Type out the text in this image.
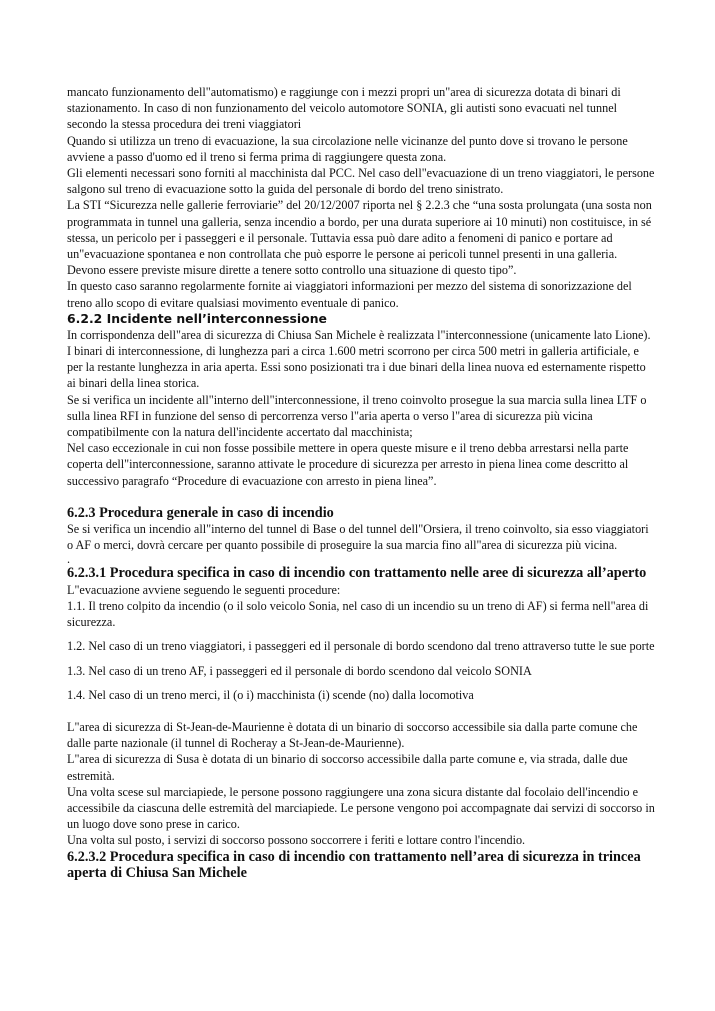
mancato funzionamento dell"automatismo) e raggiunge con i mezzi propri un"area di sicurezza dotata di binari di stazionamento. In caso di non funzionamento del veicolo automotore SONIA, gli autisti sono evacuati nel tunnel secondo la stessa procedura dei treni viaggiatori

Quando si utilizza un treno di evacuazione, la sua circolazione nelle vicinanze del punto dove si trovano le persone avviene a passo d'uomo ed il treno si ferma prima di raggiungere questa zona.

Gli elementi necessari sono forniti al macchinista dal PCC. Nel caso dell"evacuazione di un treno viaggiatori, le persone salgono sul treno di evacuazione sotto la guida del personale di bordo del treno sinistrato.

La STI “Sicurezza nelle gallerie ferroviarie” del 20/12/2007 riporta nel § 2.2.3 che “una sosta prolungata (una sosta non programmata in tunnel una galleria, senza incendio a bordo, per una durata superiore ai 10 minuti) non costituisce, in sé stessa, un pericolo per i passeggeri e il personale. Tuttavia essa può dare adito a fenomeni di panico e portare ad un"evacuazione spontanea e non controllata che può esporre le persone ai pericoli tunnel presenti in una galleria. Devono essere previste misure dirette a tenere sotto controllo una situazione di questo tipo”.

In questo caso saranno regolarmente fornite ai viaggiatori informazioni per mezzo del sistema di sonorizzazione del treno allo scopo di evitare qualsiasi movimento eventuale di panico.

6.2.2 Incidente nell’interconnessione

In corrispondenza dell"area di sicurezza di Chiusa San Michele è realizzata l"interconnessione (unicamente lato Lione). I binari di interconnessione, di lunghezza pari a circa 1.600 metri scorrono per circa 500 metri in galleria artificiale, e per la restante lunghezza in aria aperta. Essi sono posizionati tra i due binari della linea nuova ed esternamente rispetto ai binari della linea storica.

Se si verifica un incidente all"interno dell"interconnessione, il treno coinvolto prosegue la sua marcia sulla linea LTF o sulla linea RFI in funzione del senso di percorrenza verso l"aria aperta o verso l"area di sicurezza più vicina compatibilmente con la natura dell'incidente accertato dal macchinista;

Nel caso eccezionale in cui non fosse possibile mettere in opera queste misure e il treno debba arrestarsi nella parte coperta dell"interconnessione, saranno attivate le procedure di sicurezza per arresto in piena linea come descritto al successivo paragrafo “Procedure di evacuazione con arresto in piena linea”.

6.2.3 Procedura generale in caso di incendio

Se si verifica un incendio all"interno del tunnel di Base o del tunnel dell"Orsiera, il treno coinvolto, sia esso viaggiatori o AF o merci, dovrà cercare per quanto possibile di proseguire la sua marcia fino all"area di sicurezza più vicina.

.

6.2.3.1 Procedura specifica in caso di incendio con trattamento nelle aree di sicurezza all’aperto

L"evacuazione avviene seguendo le seguenti procedure:

1.1. Il treno colpito da incendio (o il solo veicolo Sonia, nel caso di un incendio su un treno di AF) si ferma nell"area di sicurezza.

1.2. Nel caso di un treno viaggiatori, i passeggeri ed il personale di bordo scendono dal treno attraverso tutte le sue porte

1.3. Nel caso di un treno AF, i passeggeri ed il personale di bordo scendono dal veicolo SONIA

1.4. Nel caso di un treno merci, il (o i) macchinista (i) scende (no) dalla locomotiva

L"area di sicurezza di St-Jean-de-Maurienne è dotata di un binario di soccorso accessibile sia dalla parte comune che dalle parte nazionale (il tunnel di Rocheray a St-Jean-de-Maurienne).

L"area di sicurezza di Susa è dotata di un binario di soccorso accessibile dalla parte comune e, via strada, dalle due estremità.

Una volta scese sul marciapiede, le persone possono raggiungere una zona sicura distante dal focolaio dell'incendio e accessibile da ciascuna delle estremità del marciapiede. Le persone vengono poi accompagnate dai servizi di soccorso in un luogo dove sono prese in carico.

Una volta sul posto, i servizi di soccorso possono soccorrere i feriti e lottare contro l'incendio.

6.2.3.2 Procedura specifica in caso di incendio con trattamento nell’area di sicurezza in trincea aperta di Chiusa San Michele
